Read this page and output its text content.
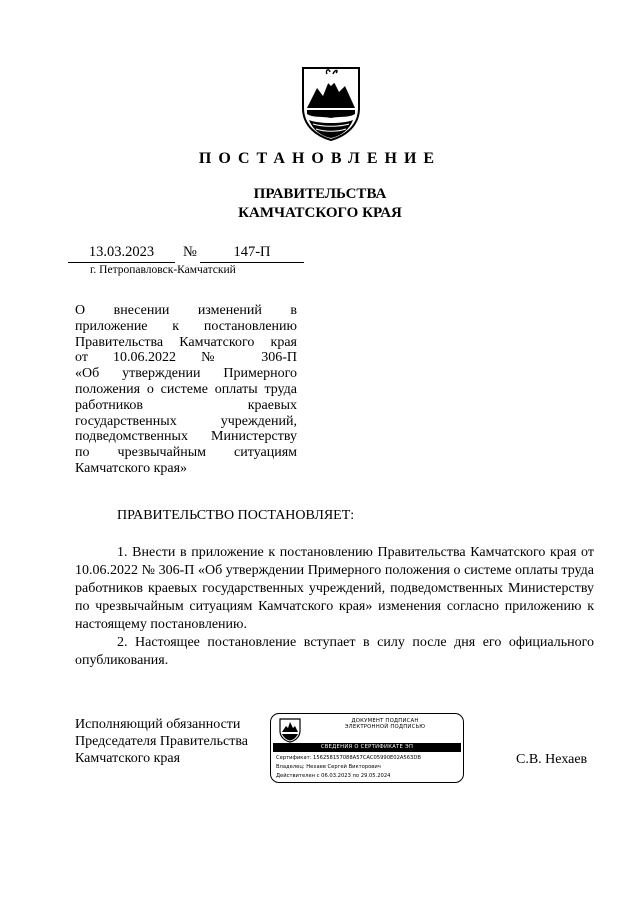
ПОСТАНОВЛЕНИЕ
ПРАВИТЕЛЬСТВА
КАМЧАТСКОГО КРАЯ
13.03.2023	№	147-П
г. Петропавловск-Камчатский
О внесении изменений в
приложение к постановлению
Правительства Камчатского края
от 10.06.2022 № 306-П
«Об утверждении Примерного
положения о системе оплаты труда
работников краевых
государственных учреждений,
подведомственных Министерству
по чрезвычайным ситуациям
Камчатского края»
ПРАВИТЕЛЬСТВО ПОСТАНОВЛЯЕТ:

1. Внести в приложение к постановлению Правительства Камчатского края от 10.06.2022 № 306-П «Об утверждении Примерного положения о системе оплаты труда работников краевых государственных учреждений, подведомственных Министерству по чрезвычайным ситуациям Камчатского края» изменения согласно приложению к настоящему постановлению.

2. Настоящее постановление вступает в силу после дня его официального опубликования.

Исполняющий обязанности
Председателя Правительства
Камчатского края
ДОКУМЕНТ ПОДПИСАН
ЭЛЕКТРОННОЙ ПОДПИСЬЮ
СВЕДЕНИЯ О СЕРТИФИКАТЕ ЭП
Сертификат: 156258157088A57CAC05990E02A563DB
Владелец: Нехаев Сергей Викторович
Действителен с 06.03.2023 по 29.05.2024
С.В. Нехаев
